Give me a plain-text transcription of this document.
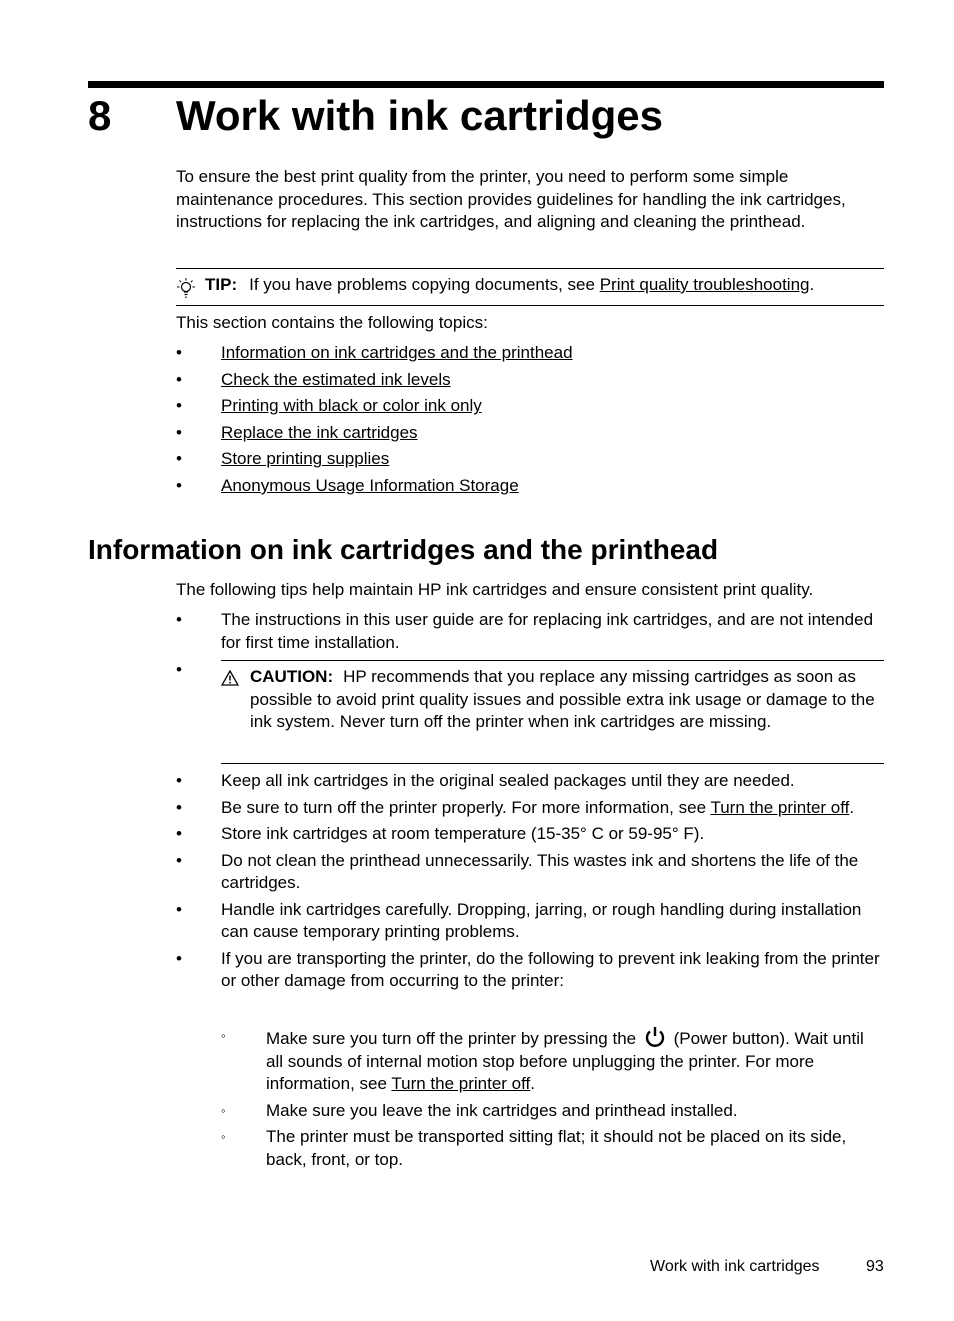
8 Work with ink cartridges

To ensure the best print quality from the printer, you need to perform some simple maintenance procedures. This section provides guidelines for handling the ink cartridges, instructions for replacing the ink cartridges, and aligning and cleaning the printhead.

TIP: If you have problems copying documents, see Print quality troubleshooting.
This section contains the following topics:
• Information on ink cartridges and the printhead
• Check the estimated ink levels
• Printing with black or color ink only
• Replace the ink cartridges
• Store printing supplies
• Anonymous Usage Information Storage
Information on ink cartridges and the printhead
The following tips help maintain HP ink cartridges and ensure consistent print quality.
• The instructions in this user guide are for replacing ink cartridges, and are not intended for first time installation.
•	CAUTION: HP recommends that you replace any missing cartridges as soon as possible to avoid print quality issues and possible extra ink usage or damage to the ink system. Never turn off the printer when ink cartridges are missing.
• Keep all ink cartridges in the original sealed packages until they are needed.
• Be sure to turn off the printer properly. For more information, see Turn the printer off.
• Store ink cartridges at room temperature (15-35° C or 59-95° F).
• Do not clean the printhead unnecessarily. This wastes ink and shortens the life of the cartridges.
• Handle ink cartridges carefully. Dropping, jarring, or rough handling during installation can cause temporary printing problems.
• If you are transporting the printer, do the following to prevent ink leaking from the printer or other damage from occurring to the printer:
◦ Make sure you turn off the printer by pressing the  (Power button). Wait until all sounds of internal motion stop before unplugging the printer. For more information, see Turn the printer off.
◦ Make sure you leave the ink cartridges and printhead installed.
◦ The printer must be transported sitting flat; it should not be placed on its side, back, front, or top.
Work with ink cartridges	93
